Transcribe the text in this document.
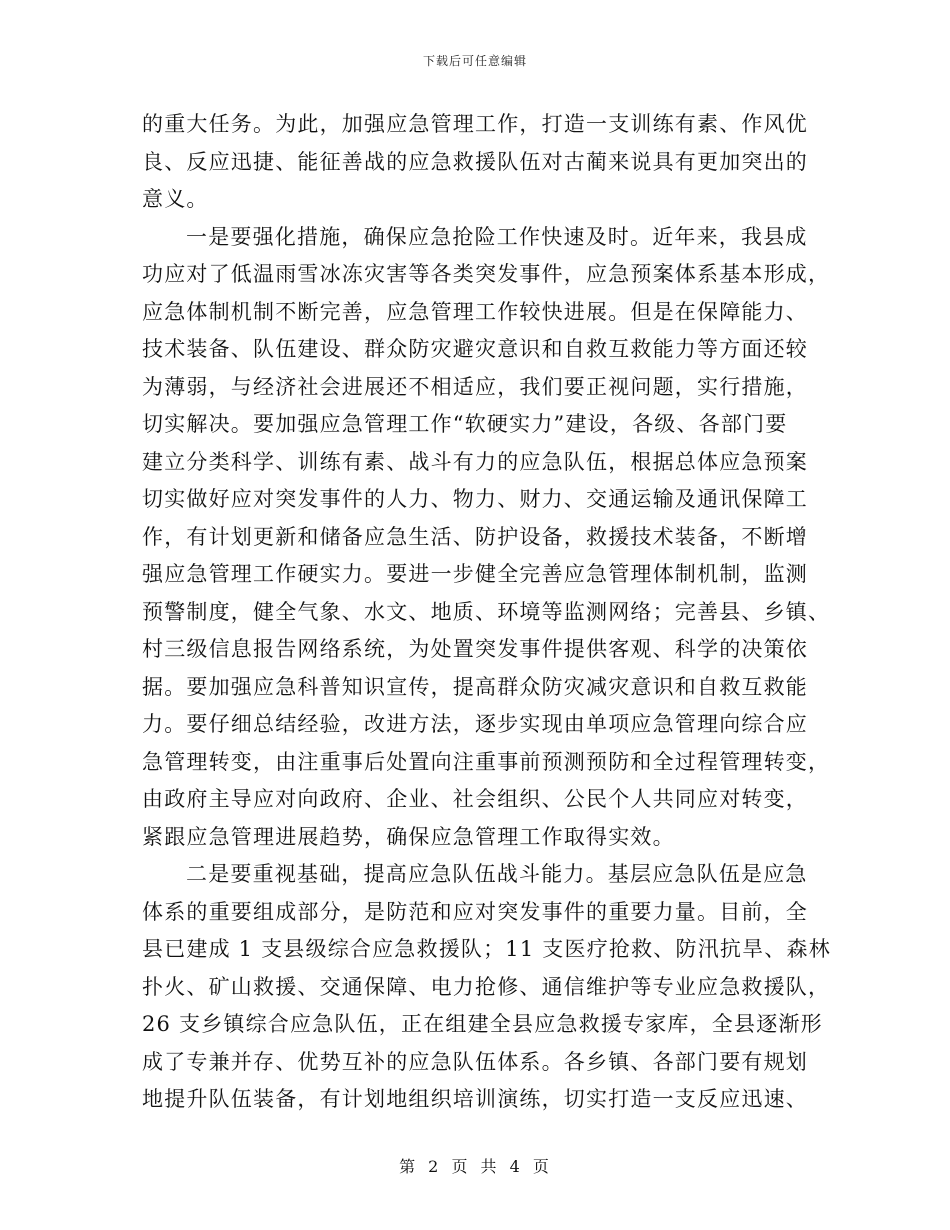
下载后可任意编辑
的重大任务。为此，加强应急管理工作，打造一支训练有素、作风优
良、反应迅捷、能征善战的应急救援队伍对古蔺来说具有更加突出的
意义。
一是要强化措施，确保应急抢险工作快速及时。近年来，我县成
功应对了低温雨雪冰冻灾害等各类突发事件，应急预案体系基本形成，
应急体制机制不断完善，应急管理工作较快进展。但是在保障能力、
技术装备、队伍建设、群众防灾避灾意识和自救互救能力等方面还较
为薄弱，与经济社会进展还不相适应，我们要正视问题，实行措施，
切实解决。要加强应急管理工作“软硬实力”建设，各级、各部门要
建立分类科学、训练有素、战斗有力的应急队伍，根据总体应急预案
切实做好应对突发事件的人力、物力、财力、交通运输及通讯保障工
作，有计划更新和储备应急生活、防护设备，救援技术装备，不断增
强应急管理工作硬实力。要进一步健全完善应急管理体制机制，监测
预警制度，健全气象、水文、地质、环境等监测网络；完善县、乡镇、
村三级信息报告网络系统，为处置突发事件提供客观、科学的决策依
据。要加强应急科普知识宣传，提高群众防灾减灾意识和自救互救能
力。要仔细总结经验，改进方法，逐步实现由单项应急管理向综合应
急管理转变，由注重事后处置向注重事前预测预防和全过程管理转变，
由政府主导应对向政府、企业、社会组织、公民个人共同应对转变，
紧跟应急管理进展趋势，确保应急管理工作取得实效。
二是要重视基础，提高应急队伍战斗能力。基层应急队伍是应急
体系的重要组成部分，是防范和应对突发事件的重要力量。目前，全
县已建成 1 支县级综合应急救援队；11 支医疗抢救、防汛抗旱、森林
扑火、矿山救援、交通保障、电力抢修、通信维护等专业应急救援队，
26 支乡镇综合应急队伍，正在组建全县应急救援专家库，全县逐渐形
成了专兼并存、优势互补的应急队伍体系。各乡镇、各部门要有规划
地提升队伍装备，有计划地组织培训演练，切实打造一支反应迅速、
第 2 页 共 4 页
